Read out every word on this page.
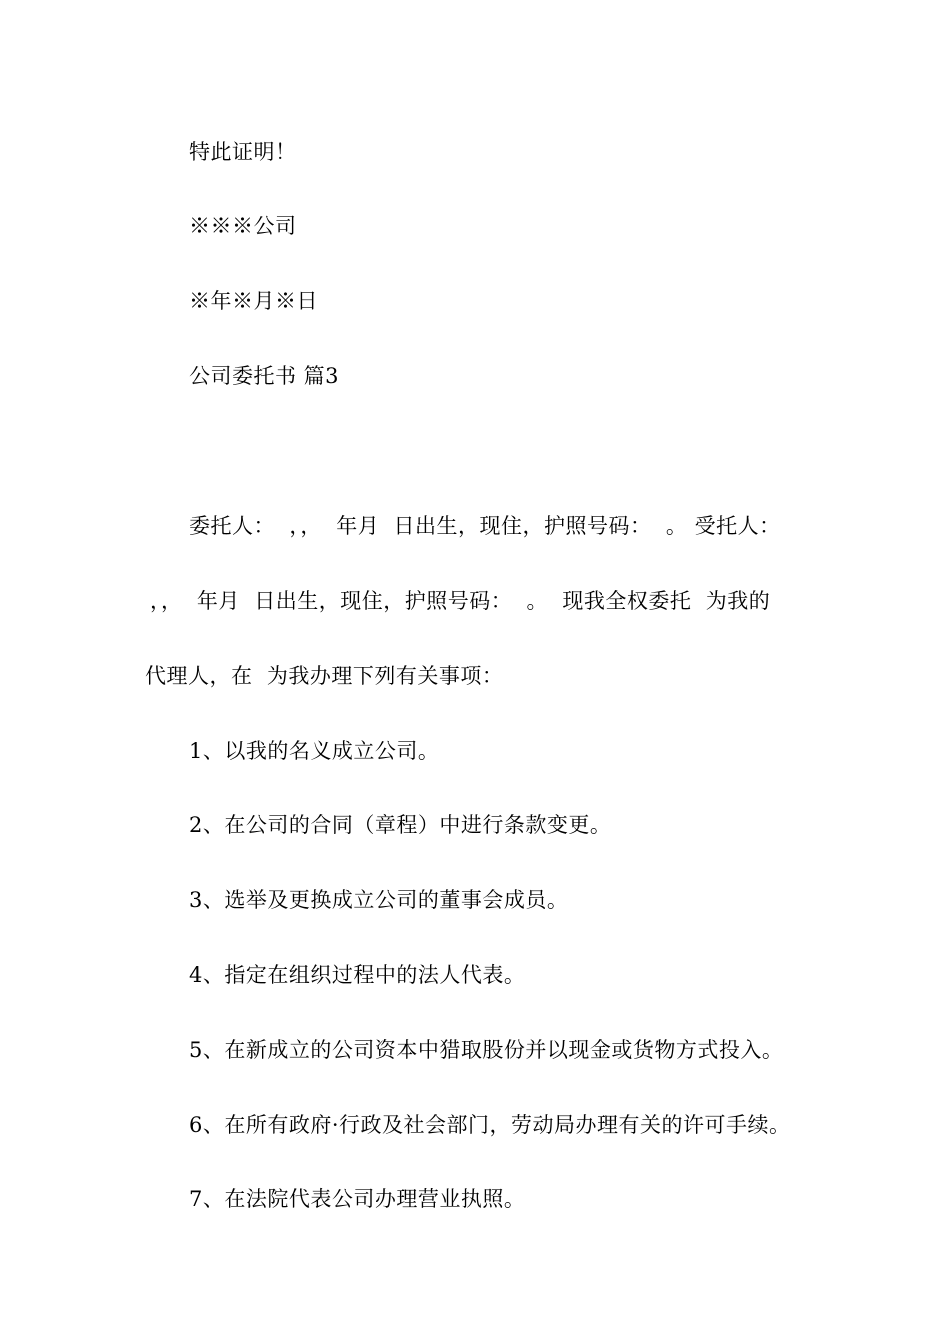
特此证明！
※※※公司
※年※月※日
公司委托书 篇3
委托人：  ，，  年月  日出生，现住，护照号码：  。 受托人：
，，  年月  日出生，现住，护照号码：  。  现我全权委托  为我的
代理人，在  为我办理下列有关事项：
1、以我的名义成立公司。
2、在公司的合同（章程）中进行条款变更。
3、选举及更换成立公司的董事会成员。
4、指定在组织过程中的法人代表。
5、在新成立的公司资本中猎取股份并以现金或货物方式投入。
6、在所有政府·行政及社会部门，劳动局办理有关的许可手续。
7、在法院代表公司办理营业执照。
